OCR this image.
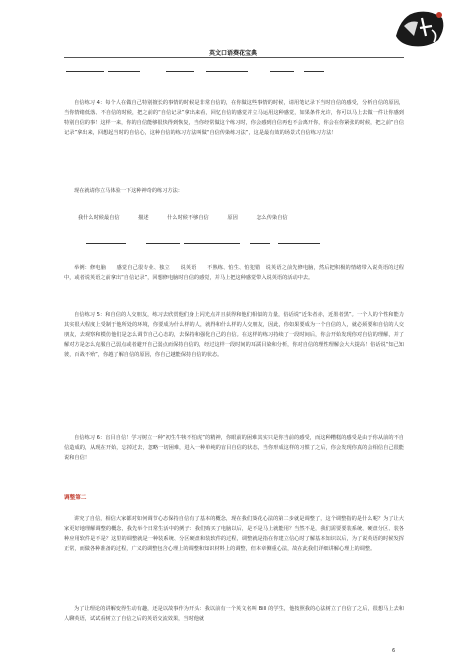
英文口语葵花宝典

自信练习 4：每个人在做自己特别擅长的事情的时候是非常自信的，在你做这些事情的时候，请用笔记录下当时自信的感受，分析自信的原因，当你情绪低落、不自信的时候，把之前的“自信记录”拿出来看，回忆自信的感觉并立马运用这种感觉，如果条件允许，你可以马上去做一件让你感到特别自信的事！这样一来，你的自信能够很快得到恢复，当你经常做这个练习时，你会感到自信再也不会离开你，你会在你紧张的时候，把之前“自信记录”拿出来，回想起当时的自信心，这种自信的练习方法叫做“自信传染练习法”，这是最有效的场景式自信练习方法！

现在就请你立马体验一下这种神奇的练习方法：

我什么时候最自信	描述	什么时候不够自信	原因	怎么传染自信

举例：修电脑　　感觉自己很专业、独立　　说英语　　不熟练、怕生、怕犯错　说英语之前先修电脑，然后把积极的情绪带入说英语的过程中，或者说英语之前拿出“自信记录”，回想修电脑时自信的感觉，并马上把这种感觉带入说英语的活动中去。

自信练习 5：和自信的人交朋友，练习去欣赏他们身上闪光点并且获得和他们相似的力量，俗话说“近朱者赤，近墨者黑”。一个人的个性和能力其实很大程度上受制于他所处的环境，你要成为什么样的人，就得和什么样的人交朋友，因此，你如果要成为一个自信的人，就必须要和自信的人交朋友，去观察和模仿他们是怎么调节自己心态的，去保持和强化自己的自信。在这样的练习持续了一段时间后，你会开始发现你对自信的理解，并了解对方是怎么克服自己弱点或者避开自己弱点而保持自信的，经过这样一段时间的耳濡目染和分析，你对自信的理性理解会大大提高！俗话说“知己知彼，百战不殆”，你越了解自信的原因，你自己越能保持自信的状态。

自信练习 6：盲目自信！学习树立一种“初生牛犊不怕虎”的精神，你眼前的困难其实只是你当前的感受，而这种糟糕的感受是由于你从前的不自信造成的，从现在开始，忘掉过去，忽略一切困难，进入一种单纯的盲目自信的状态，当你形成这样的习惯了之后，你会发现你真的会相信自己很能说和自信！

调整第二

讲究了自信，相信大家都对如何调节心态保持自信有了基本的概念，现在我们葵花心法的第二步就是调整了，这个调整指的是什么呢？为了让大家更好地理解调整的概念，我先举个日常生活中的例子：我们购买了电脑以后，是不是马上就能用？当然不是，我们需要要装系统、硬盘分区、装各种应用软件是不是？这里的调整就是一种装系统、分区硬盘和装软件的过程，调整就是指在你建立信心时了解基本知识以后，为了说英语的时候发挥正常，而做各种准备的过程，广义的调整包含心理上的调整和知识材料上的调整，但本章侧重心法，故在此我们详细讲解心理上的调整。

为了让理论的讲解变得生动有趣，还是以故事作为开头：我以前有一个英文名叫 Bill 的学生，他按照我的心法树立了自信了之后，很想马上去和人聊英语，试试看树立了自信之后的英语交流效果，当时他就

6
